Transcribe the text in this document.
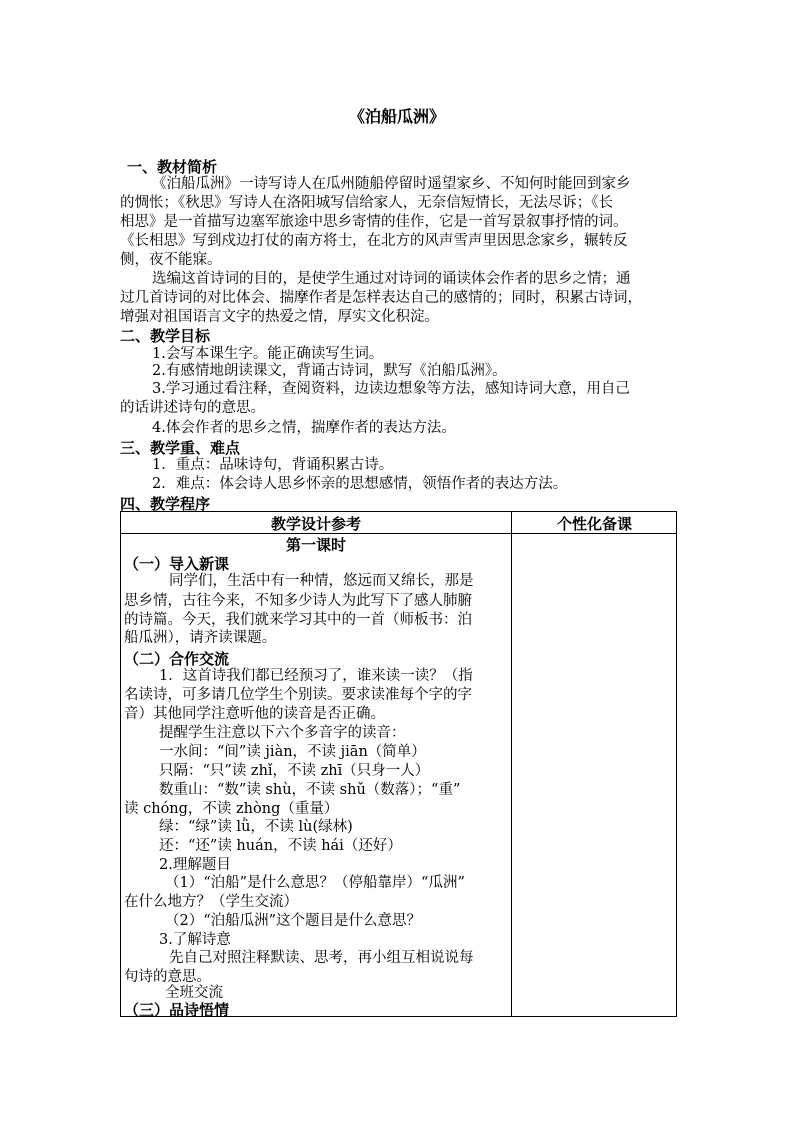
《泊船瓜洲》
一、教材简析
《泊船瓜洲》一诗写诗人在瓜州随船停留时遥望家乡、不知何时能回到家乡
的惆怅；《秋思》写诗人在洛阳城写信给家人，无奈信短情长，无法尽诉；《长
相思》是一首描写边塞军旅途中思乡寄情的佳作，它是一首写景叙事抒情的词。
《长相思》写到戍边打仗的南方将士，在北方的风声雪声里因思念家乡，辗转反
侧，夜不能寐。
选编这首诗词的目的，是使学生通过对诗词的诵读体会作者的思乡之情；通
过几首诗词的对比体会、揣摩作者是怎样表达自己的感情的；同时，积累古诗词，
增强对祖国语言文字的热爱之情，厚实文化积淀。
二、教学目标
1.会写本课生字。能正确读写生词。
2.有感情地朗读课文，背诵古诗词，默写《泊船瓜洲》。
3.学习通过看注释，查阅资料，边读边想象等方法，感知诗词大意，用自己
的话讲述诗句的意思。
4.体会作者的思乡之情，揣摩作者的表达方法。
三、教学重、难点
1．重点：品味诗句，背诵积累古诗。
2．难点：体会诗人思乡怀亲的思想感情，领悟作者的表达方法。
四、教学程序
教学设计参考	个性化备课
第一课时
（一）导入新课
同学们，生活中有一种情，悠远而又绵长，那是
思乡情，古往今来，不知多少诗人为此写下了感人肺腑
的诗篇。今天，我们就来学习其中的一首（师板书：泊
船瓜洲），请齐读课题。
（二）合作交流
1．这首诗我们都已经预习了，谁来读一读？（指
名读诗，可多请几位学生个别读。要求读准每个字的字
音）其他同学注意听他的读音是否正确。
提醒学生注意以下六个多音字的读音：
一水间：“间”读 jiàn，不读 jiān（简单）
只隔：“只”读 zhǐ，不读 zhī（只身一人）
数重山：“数”读 shù，不读 shǔ（数落）；“重”
读 chóng，不读 zhòng（重量）
绿：“绿”读 lǜ，不读 lù(绿林)
还：“还”读 huán，不读 hái（还好）
2.理解题目
（1）“泊船”是什么意思？（停船靠岸）“瓜洲”
在什么地方？（学生交流）
（2）“泊船瓜洲”这个题目是什么意思？
3.了解诗意
先自己对照注释默读、思考，再小组互相说说每
句诗的意思。
全班交流
（三）品诗悟情
